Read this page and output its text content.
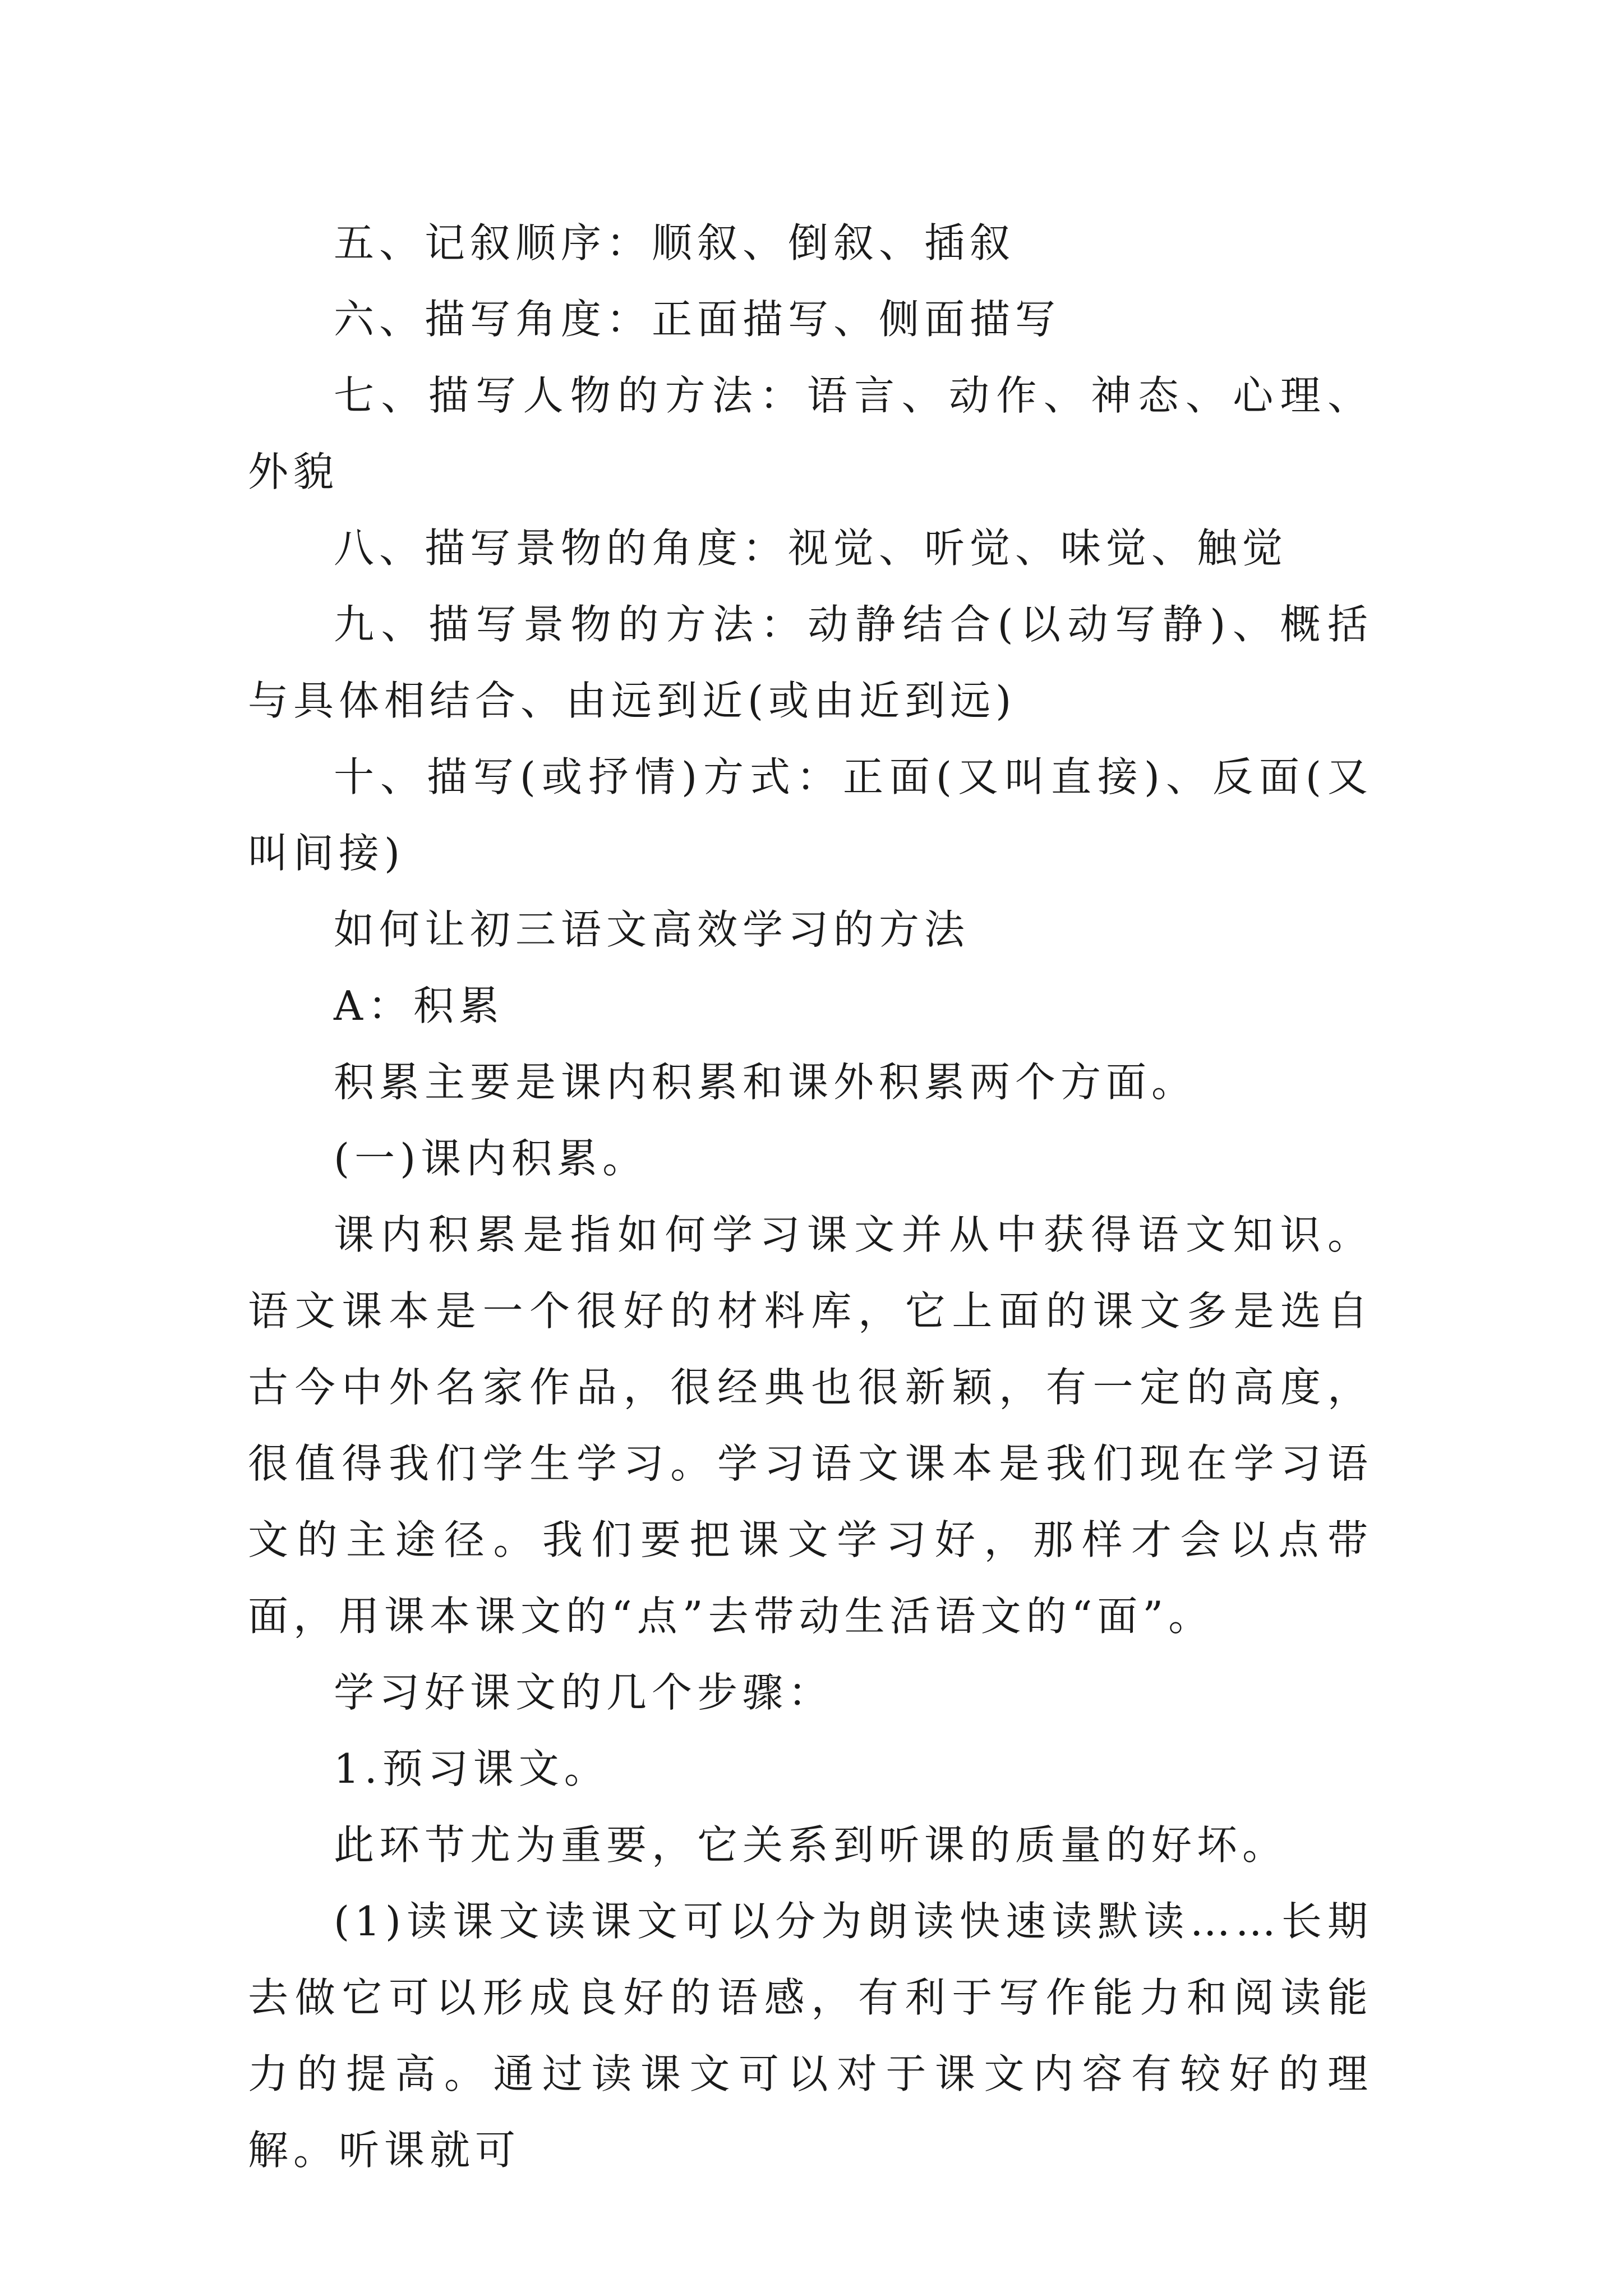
五、记叙顺序：顺叙、倒叙、插叙

六、描写角度：正面描写、侧面描写

七、描写人物的方法：语言、动作、神态、心理、外貌

八、描写景物的角度：视觉、听觉、味觉、触觉

九、描写景物的方法：动静结合(以动写静)、概括与具体相结合、由远到近(或由近到远)

十、描写(或抒情)方式：正面(又叫直接)、反面(又叫间接)

如何让初三语文高效学习的方法

A：积累

积累主要是课内积累和课外积累两个方面。

(一)课内积累。

课内积累是指如何学习课文并从中获得语文知识。语文课本是一个很好的材料库，它上面的课文多是选自古今中外名家作品，很经典也很新颖，有一定的高度，很值得我们学生学习。学习语文课本是我们现在学习语文的主途径。我们要把课文学习好，那样才会以点带面，用课本课文的“点”去带动生活语文的“面”。

学习好课文的几个步骤：

1.预习课文。

此环节尤为重要，它关系到听课的质量的好坏。

(1)读课文读课文可以分为朗读快速读默读……长期去做它可以形成良好的语感，有利于写作能力和阅读能力的提高。通过读课文可以对于课文内容有较好的理解。听课就可
